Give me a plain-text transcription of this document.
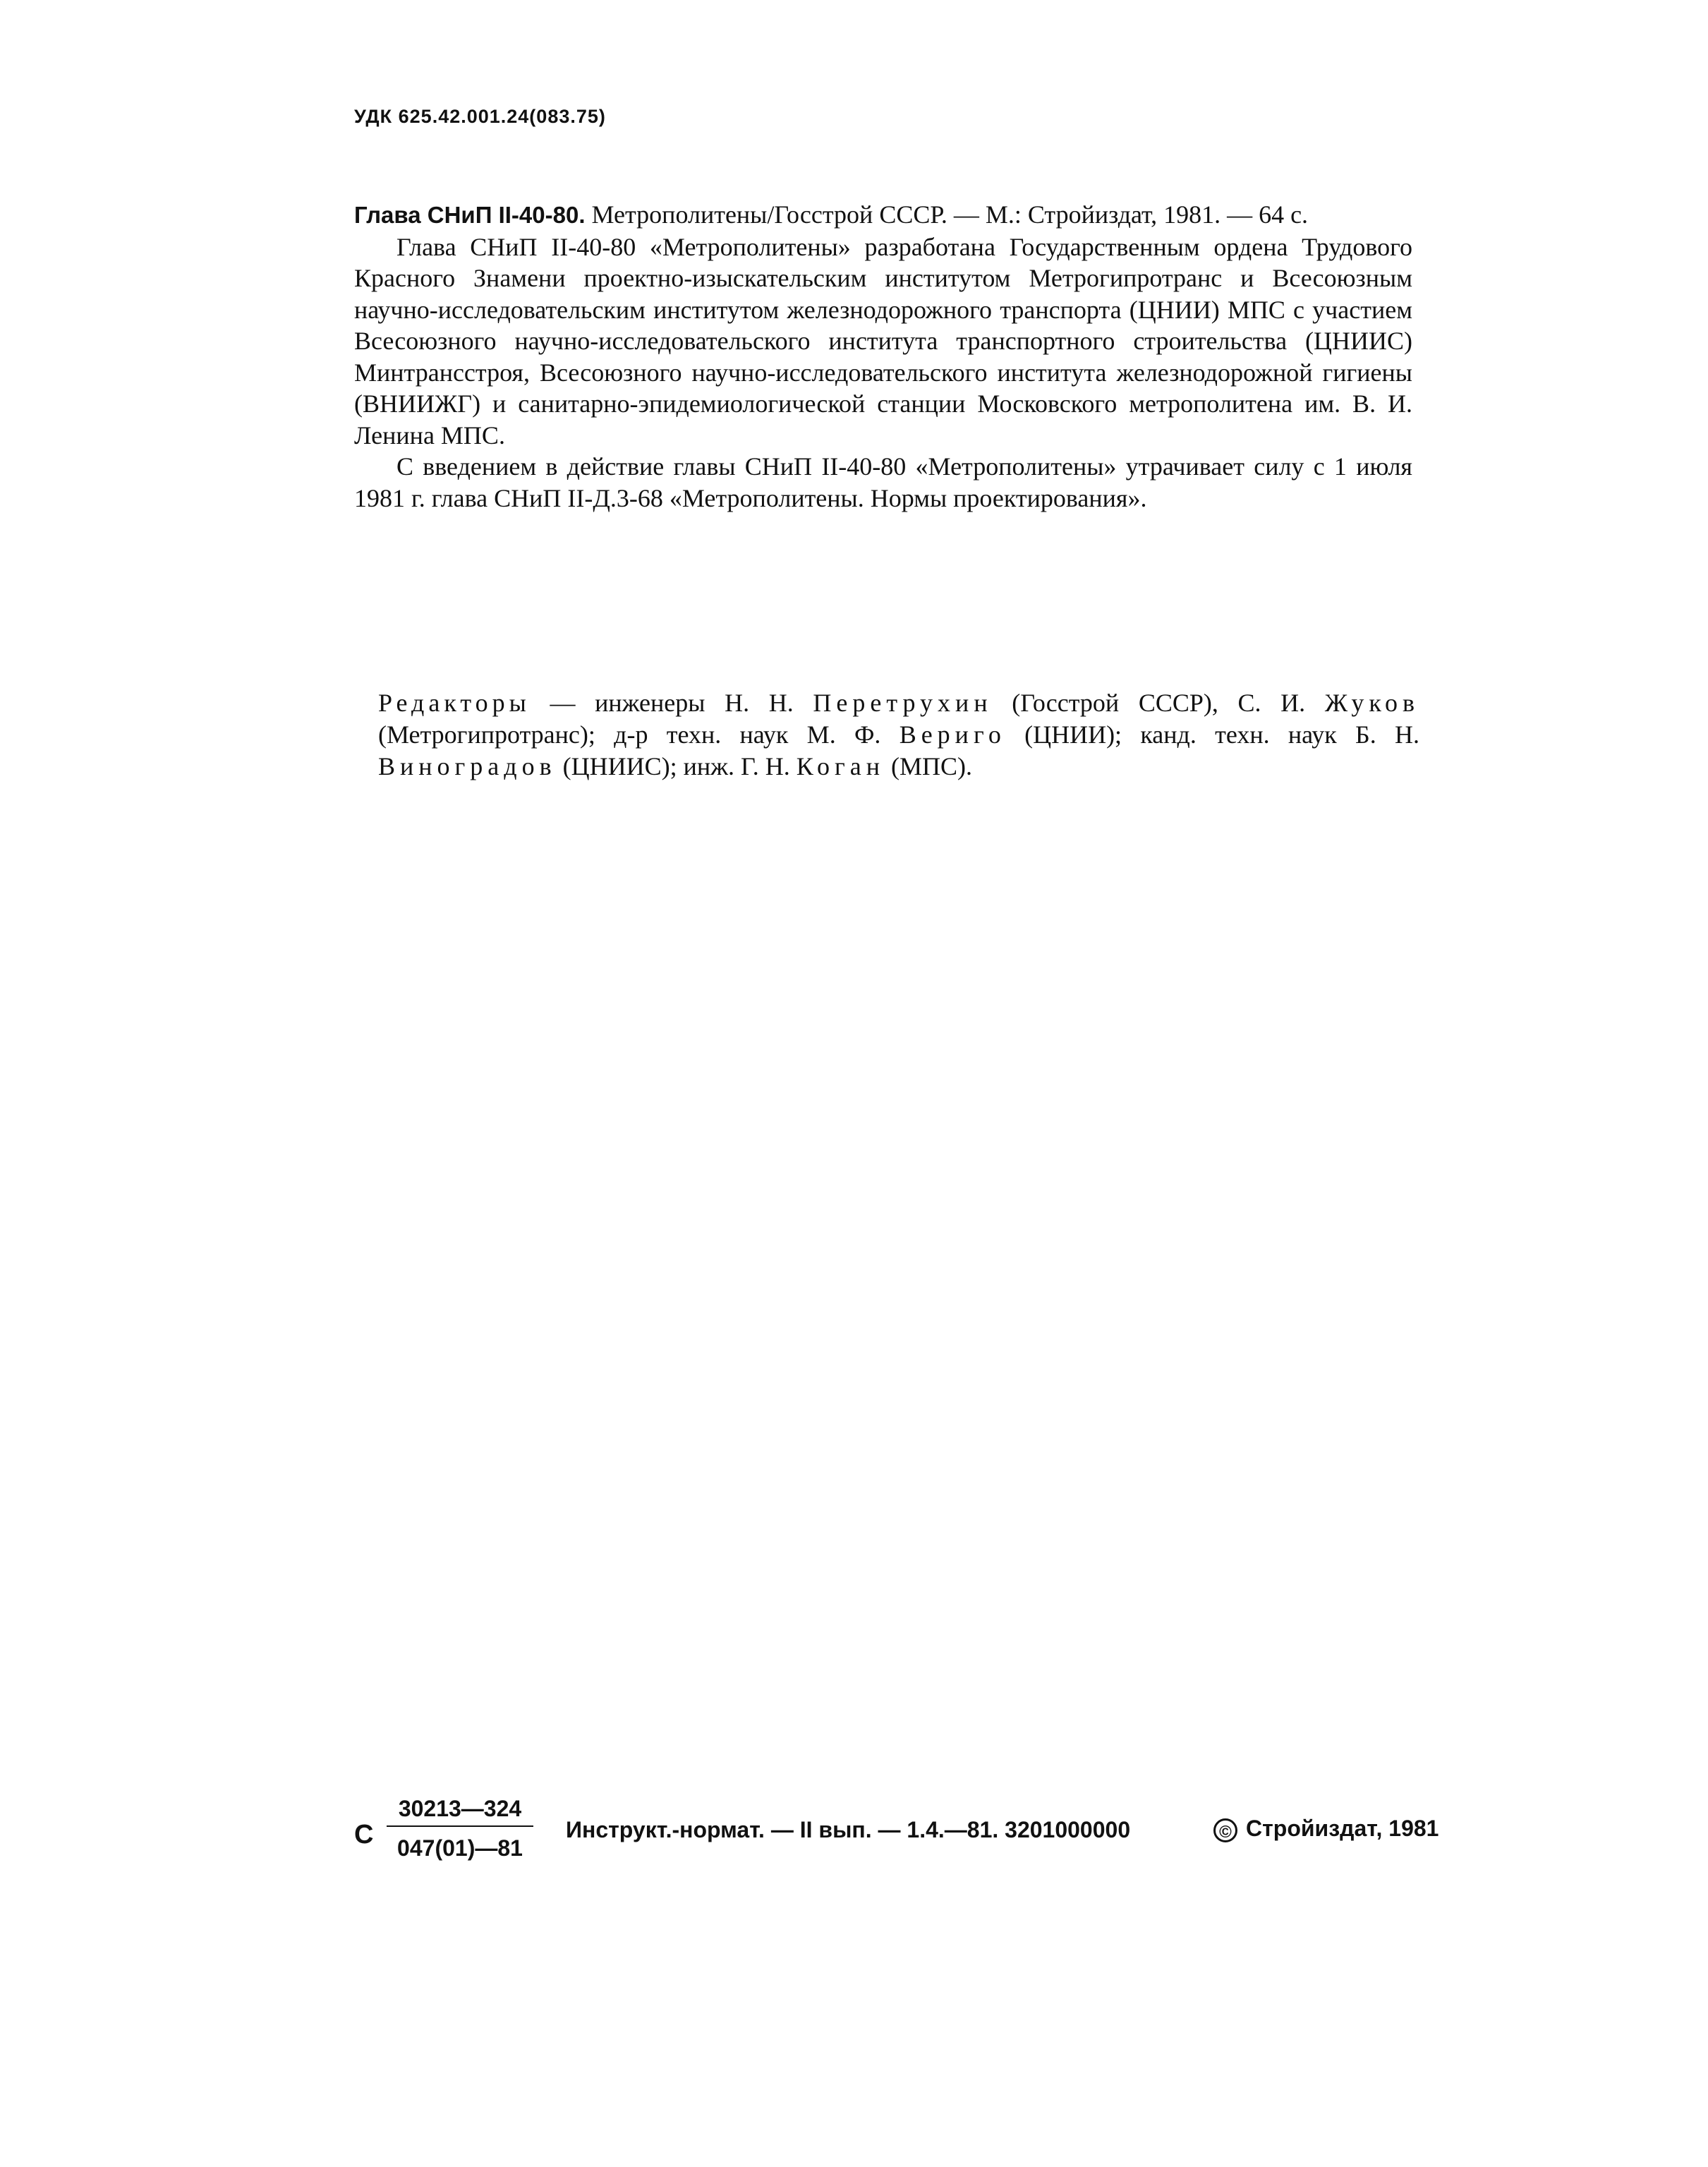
УДК 625.42.001.24(083.75)

Глава СНиП II-40-80. Метрополитены/Госстрой СССР. — М.: Стройиздат, 1981. — 64 с.

Глава СНиП II-40-80 «Метрополитены» разработана Государственным ордена Трудового Красного Знамени проектно-изыскательским институтом Метрогипротранс и Всесоюзным научно-исследовательским институтом железнодорожного транспорта (ЦНИИ) МПС с участием Всесоюзного научно-исследовательского института транспортного строительства (ЦНИИС) Минтрансстроя, Всесоюзного научно-исследовательского института железнодорожной гигиены (ВНИИЖГ) и санитарно-эпидемиологической станции Московского метрополитена им. В. И. Ленина МПС.

С введением в действие главы СНиП II-40-80 «Метрополитены» утрачивает силу с 1 июля 1981 г. глава СНиП II-Д.3-68 «Метрополитены. Нормы проектирования».

Редакторы — инженеры Н. Н. Перетрухин (Госстрой СССР), С. И. Жуков (Метрогипротранс); д-р техн. наук М. Ф. Вериго (ЦНИИ); канд. техн. наук Б. Н. Виноградов (ЦНИИС); инж. Г. Н. Коган (МПС).
С
30213—324
047(01)—81
Инструкт.-нормат. — II вып. — 1.4.—81. 3201000000	© Стройиздат, 1981
